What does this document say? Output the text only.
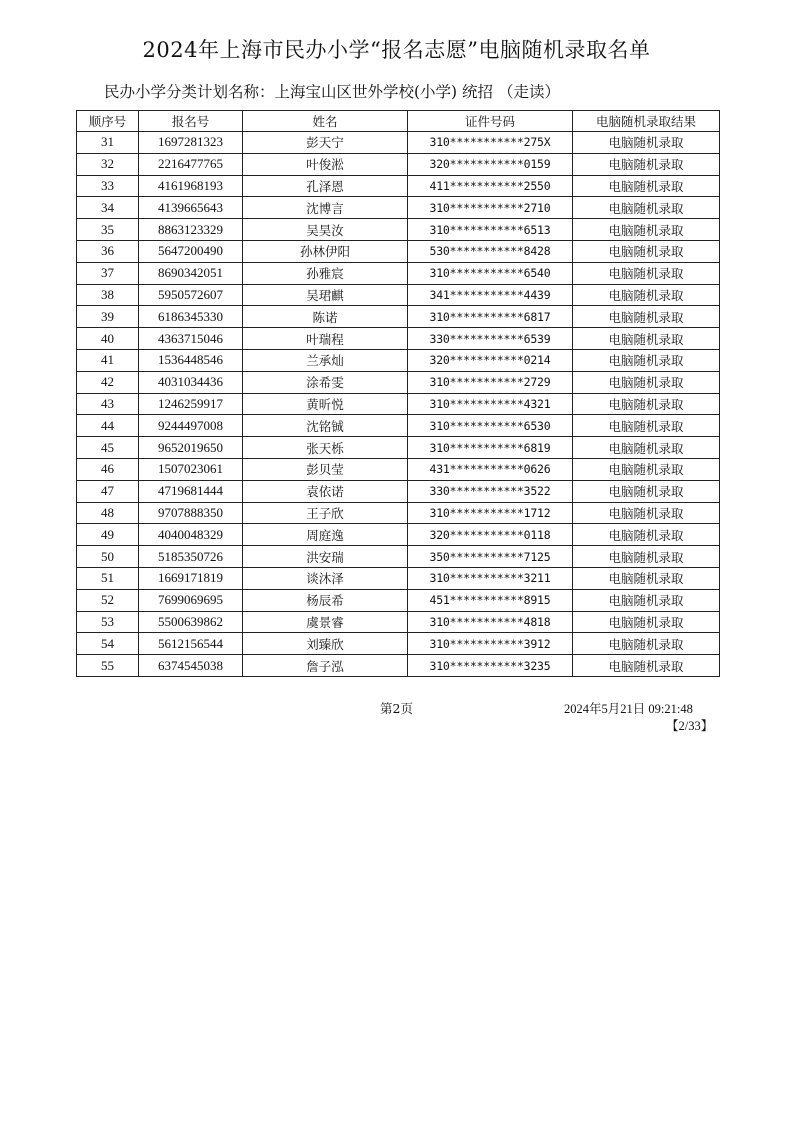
2024年上海市民办小学“报名志愿”电脑随机录取名单
民办小学分类计划名称：上海宝山区世外学校(小学) 统招 （走读）
顺序号	报名号	姓名	证件号码	电脑随机录取结果
31	1697281323	彭天宁	310***********275X	电脑随机录取
32	2216477765	叶俊淞	320***********0159	电脑随机录取
33	4161968193	孔泽恩	411***********2550	电脑随机录取
34	4139665643	沈博言	310***********2710	电脑随机录取
35	8863123329	吴昊汝	310***********6513	电脑随机录取
36	5647200490	孙林伊阳	530***********8428	电脑随机录取
37	8690342051	孙雅宸	310***********6540	电脑随机录取
38	5950572607	吴珺麒	341***********4439	电脑随机录取
39	6186345330	陈诺	310***********6817	电脑随机录取
40	4363715046	叶瑞程	330***********6539	电脑随机录取
41	1536448546	兰承灿	320***********0214	电脑随机录取
42	4031034436	涂希雯	310***********2729	电脑随机录取
43	1246259917	黄昕悦	310***********4321	电脑随机录取
44	9244497008	沈铭铖	310***********6530	电脑随机录取
45	9652019650	张天栎	310***********6819	电脑随机录取
46	1507023061	彭贝莹	431***********0626	电脑随机录取
47	4719681444	袁依诺	330***********3522	电脑随机录取
48	9707888350	王子欣	310***********1712	电脑随机录取
49	4040048329	周庭逸	320***********0118	电脑随机录取
50	5185350726	洪安瑞	350***********7125	电脑随机录取
51	1669171819	谈沐泽	310***********3211	电脑随机录取
52	7699069695	杨辰希	451***********8915	电脑随机录取
53	5500639862	虞景睿	310***********4818	电脑随机录取
54	5612156544	刘臻欣	310***********3912	电脑随机录取
55	6374545038	詹子泓	310***********3235	电脑随机录取
第2页	2024年5月21日 09:21:48
【2/33】
